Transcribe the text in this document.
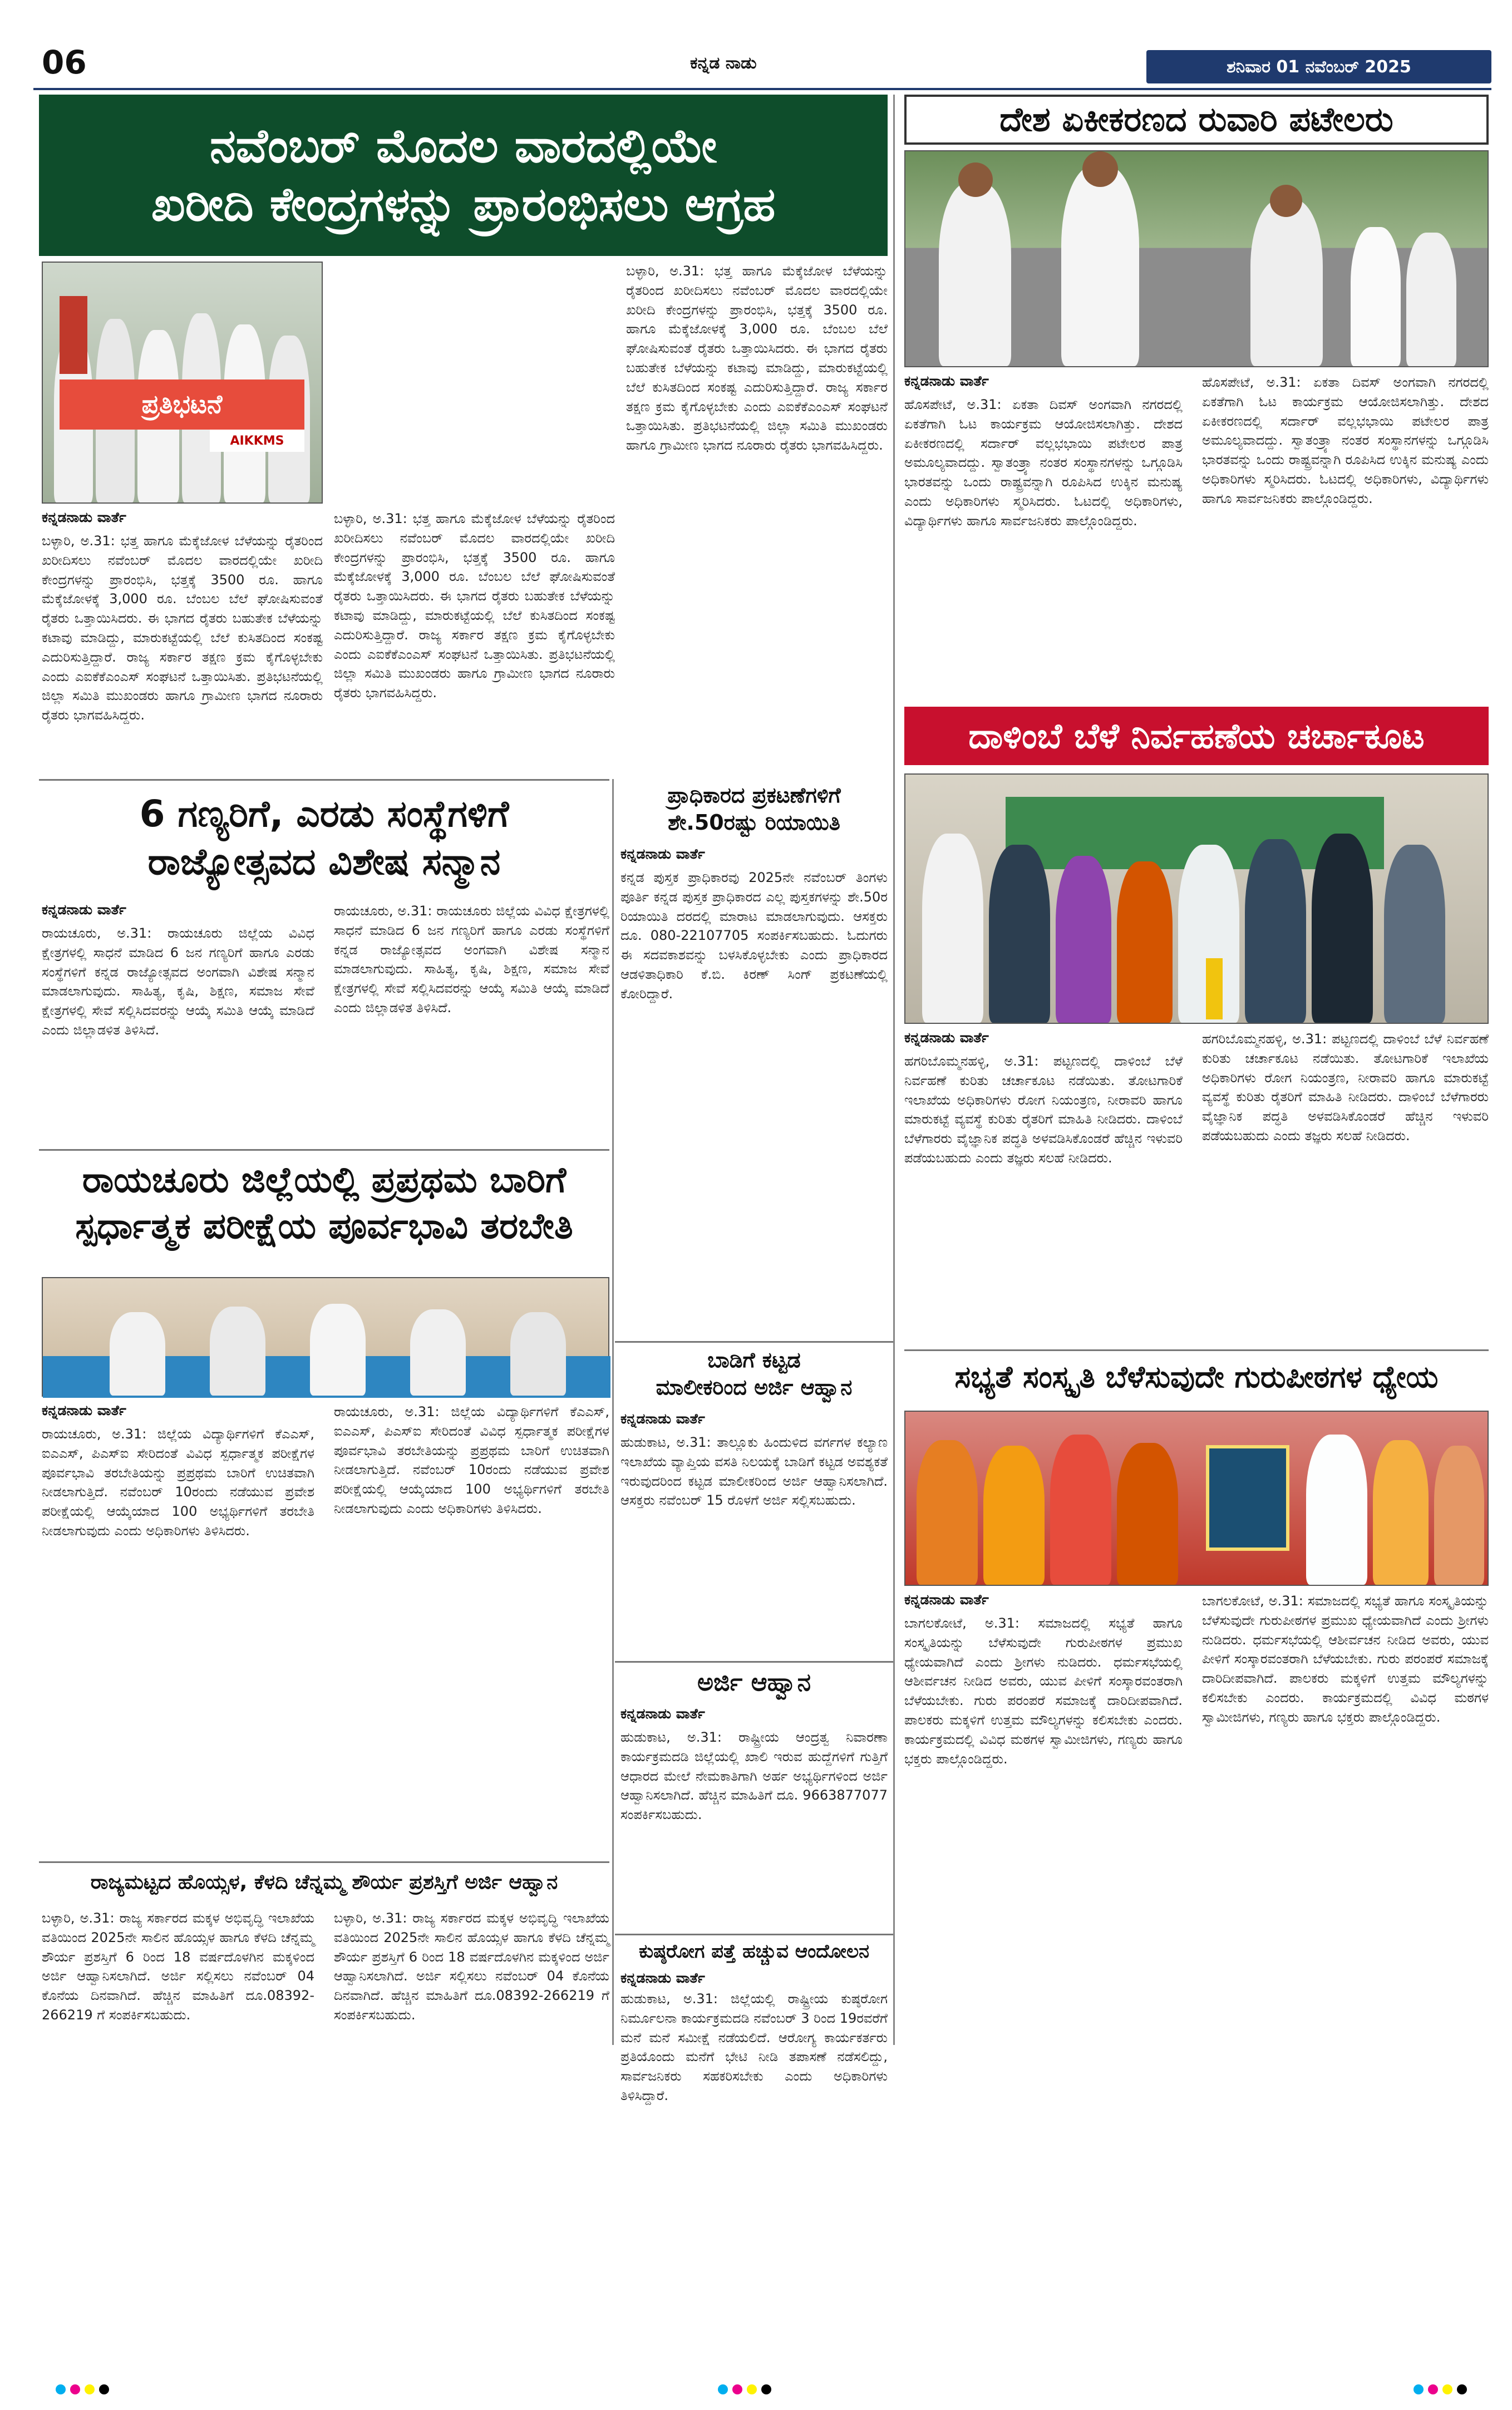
06	ಕನ್ನಡ ನಾಡು	ಶನಿವಾರ 01 ನವೆಂಬರ್ 2025
ನವೆಂಬರ್ ಮೊದಲ ವಾರದಲ್ಲಿಯೇ
ಖರೀದಿ ಕೇಂದ್ರಗಳನ್ನು ಪ್ರಾರಂಭಿಸಲು ಆಗ್ರಹ
ಪ್ರತಿಭಟನೆ
AIKKMS
ಕನ್ನಡನಾಡು ವಾರ್ತೆ
ಬಳ್ಳಾರಿ, ಅ.31: ಭತ್ತ ಹಾಗೂ ಮೆಕ್ಕೆಜೋಳ ಬೆಳೆಯನ್ನು ರೈತರಿಂದ ಖರೀದಿಸಲು ನವೆಂಬರ್ ಮೊದಲ ವಾರದಲ್ಲಿಯೇ ಖರೀದಿ ಕೇಂದ್ರಗಳನ್ನು ಪ್ರಾರಂಭಿಸಿ, ಭತ್ತಕ್ಕೆ 3500 ರೂ. ಹಾಗೂ ಮೆಕ್ಕೆಜೋಳಕ್ಕೆ 3,000 ರೂ. ಬೆಂಬಲ ಬೆಲೆ ಘೋಷಿಸುವಂತೆ ರೈತರು ಒತ್ತಾಯಿಸಿದರು. ಈ ಭಾಗದ ರೈತರು ಬಹುತೇಕ ಬೆಳೆಯನ್ನು ಕಟಾವು ಮಾಡಿದ್ದು, ಮಾರುಕಟ್ಟೆಯಲ್ಲಿ ಬೆಲೆ ಕುಸಿತದಿಂದ ಸಂಕಷ್ಟ ಎದುರಿಸುತ್ತಿದ್ದಾರೆ. ರಾಜ್ಯ ಸರ್ಕಾರ ತಕ್ಷಣ ಕ್ರಮ ಕೈಗೊಳ್ಳಬೇಕು ಎಂದು ಎಐಕೆಕೆಎಂಎಸ್ ಸಂಘಟನೆ ಒತ್ತಾಯಿಸಿತು. ಪ್ರತಿಭಟನೆಯಲ್ಲಿ ಜಿಲ್ಲಾ ಸಮಿತಿ ಮುಖಂಡರು ಹಾಗೂ ಗ್ರಾಮೀಣ ಭಾಗದ ನೂರಾರು ರೈತರು ಭಾಗವಹಿಸಿದ್ದರು.
ಬಳ್ಳಾರಿ, ಅ.31: ಭತ್ತ ಹಾಗೂ ಮೆಕ್ಕೆಜೋಳ ಬೆಳೆಯನ್ನು ರೈತರಿಂದ ಖರೀದಿಸಲು ನವೆಂಬರ್ ಮೊದಲ ವಾರದಲ್ಲಿಯೇ ಖರೀದಿ ಕೇಂದ್ರಗಳನ್ನು ಪ್ರಾರಂಭಿಸಿ, ಭತ್ತಕ್ಕೆ 3500 ರೂ. ಹಾಗೂ ಮೆಕ್ಕೆಜೋಳಕ್ಕೆ 3,000 ರೂ. ಬೆಂಬಲ ಬೆಲೆ ಘೋಷಿಸುವಂತೆ ರೈತರು ಒತ್ತಾಯಿಸಿದರು. ಈ ಭಾಗದ ರೈತರು ಬಹುತೇಕ ಬೆಳೆಯನ್ನು ಕಟಾವು ಮಾಡಿದ್ದು, ಮಾರುಕಟ್ಟೆಯಲ್ಲಿ ಬೆಲೆ ಕುಸಿತದಿಂದ ಸಂಕಷ್ಟ ಎದುರಿಸುತ್ತಿದ್ದಾರೆ. ರಾಜ್ಯ ಸರ್ಕಾರ ತಕ್ಷಣ ಕ್ರಮ ಕೈಗೊಳ್ಳಬೇಕು ಎಂದು ಎಐಕೆಕೆಎಂಎಸ್ ಸಂಘಟನೆ ಒತ್ತಾಯಿಸಿತು. ಪ್ರತಿಭಟನೆಯಲ್ಲಿ ಜಿಲ್ಲಾ ಸಮಿತಿ ಮುಖಂಡರು ಹಾಗೂ ಗ್ರಾಮೀಣ ಭಾಗದ ನೂರಾರು ರೈತರು ಭಾಗವಹಿಸಿದ್ದರು.
ಬಳ್ಳಾರಿ, ಅ.31: ಭತ್ತ ಹಾಗೂ ಮೆಕ್ಕೆಜೋಳ ಬೆಳೆಯನ್ನು ರೈತರಿಂದ ಖರೀದಿಸಲು ನವೆಂಬರ್ ಮೊದಲ ವಾರದಲ್ಲಿಯೇ ಖರೀದಿ ಕೇಂದ್ರಗಳನ್ನು ಪ್ರಾರಂಭಿಸಿ, ಭತ್ತಕ್ಕೆ 3500 ರೂ. ಹಾಗೂ ಮೆಕ್ಕೆಜೋಳಕ್ಕೆ 3,000 ರೂ. ಬೆಂಬಲ ಬೆಲೆ ಘೋಷಿಸುವಂತೆ ರೈತರು ಒತ್ತಾಯಿಸಿದರು. ಈ ಭಾಗದ ರೈತರು ಬಹುತೇಕ ಬೆಳೆಯನ್ನು ಕಟಾವು ಮಾಡಿದ್ದು, ಮಾರುಕಟ್ಟೆಯಲ್ಲಿ ಬೆಲೆ ಕುಸಿತದಿಂದ ಸಂಕಷ್ಟ ಎದುರಿಸುತ್ತಿದ್ದಾರೆ. ರಾಜ್ಯ ಸರ್ಕಾರ ತಕ್ಷಣ ಕ್ರಮ ಕೈಗೊಳ್ಳಬೇಕು ಎಂದು ಎಐಕೆಕೆಎಂಎಸ್ ಸಂಘಟನೆ ಒತ್ತಾಯಿಸಿತು. ಪ್ರತಿಭಟನೆಯಲ್ಲಿ ಜಿಲ್ಲಾ ಸಮಿತಿ ಮುಖಂಡರು ಹಾಗೂ ಗ್ರಾಮೀಣ ಭಾಗದ ನೂರಾರು ರೈತರು ಭಾಗವಹಿಸಿದ್ದರು.
ದೇಶ ಏಕೀಕರಣದ ರುವಾರಿ ಪಟೇಲರು
ಕನ್ನಡನಾಡು ವಾರ್ತೆ
ಹೊಸಪೇಟೆ, ಅ.31: ಏಕತಾ ದಿವಸ್ ಅಂಗವಾಗಿ ನಗರದಲ್ಲಿ ಏಕತೆಗಾಗಿ ಓಟ ಕಾರ್ಯಕ್ರಮ ಆಯೋಜಿಸಲಾಗಿತ್ತು. ದೇಶದ ಏಕೀಕರಣದಲ್ಲಿ ಸರ್ದಾರ್ ವಲ್ಲಭಭಾಯಿ ಪಟೇಲರ ಪಾತ್ರ ಅಮೂಲ್ಯವಾದದ್ದು. ಸ್ವಾತಂತ್ರ್ಯಾ ನಂತರ ಸಂಸ್ಥಾನಗಳನ್ನು ಒಗ್ಗೂಡಿಸಿ ಭಾರತವನ್ನು ಒಂದು ರಾಷ್ಟ್ರವನ್ನಾಗಿ ರೂಪಿಸಿದ ಉಕ್ಕಿನ ಮನುಷ್ಯ ಎಂದು ಅಧಿಕಾರಿಗಳು ಸ್ಮರಿಸಿದರು. ಓಟದಲ್ಲಿ ಅಧಿಕಾರಿಗಳು, ವಿದ್ಯಾರ್ಥಿಗಳು ಹಾಗೂ ಸಾರ್ವಜನಿಕರು ಪಾಲ್ಗೊಂಡಿದ್ದರು.
ಹೊಸಪೇಟೆ, ಅ.31: ಏಕತಾ ದಿವಸ್ ಅಂಗವಾಗಿ ನಗರದಲ್ಲಿ ಏಕತೆಗಾಗಿ ಓಟ ಕಾರ್ಯಕ್ರಮ ಆಯೋಜಿಸಲಾಗಿತ್ತು. ದೇಶದ ಏಕೀಕರಣದಲ್ಲಿ ಸರ್ದಾರ್ ವಲ್ಲಭಭಾಯಿ ಪಟೇಲರ ಪಾತ್ರ ಅಮೂಲ್ಯವಾದದ್ದು. ಸ್ವಾತಂತ್ರ್ಯಾ ನಂತರ ಸಂಸ್ಥಾನಗಳನ್ನು ಒಗ್ಗೂಡಿಸಿ ಭಾರತವನ್ನು ಒಂದು ರಾಷ್ಟ್ರವನ್ನಾಗಿ ರೂಪಿಸಿದ ಉಕ್ಕಿನ ಮನುಷ್ಯ ಎಂದು ಅಧಿಕಾರಿಗಳು ಸ್ಮರಿಸಿದರು. ಓಟದಲ್ಲಿ ಅಧಿಕಾರಿಗಳು, ವಿದ್ಯಾರ್ಥಿಗಳು ಹಾಗೂ ಸಾರ್ವಜನಿಕರು ಪಾಲ್ಗೊಂಡಿದ್ದರು.
ದಾಳಿಂಬೆ ಬೆಳೆ ನಿರ್ವಹಣೆಯ ಚರ್ಚಾಕೂಟ
ಕನ್ನಡನಾಡು ವಾರ್ತೆ
ಹಗರಿಬೊಮ್ಮನಹಳ್ಳಿ, ಅ.31: ಪಟ್ಟಣದಲ್ಲಿ ದಾಳಿಂಬೆ ಬೆಳೆ ನಿರ್ವಹಣೆ ಕುರಿತು ಚರ್ಚಾಕೂಟ ನಡೆಯಿತು. ತೋಟಗಾರಿಕೆ ಇಲಾಖೆಯ ಅಧಿಕಾರಿಗಳು ರೋಗ ನಿಯಂತ್ರಣ, ನೀರಾವರಿ ಹಾಗೂ ಮಾರುಕಟ್ಟೆ ವ್ಯವಸ್ಥೆ ಕುರಿತು ರೈತರಿಗೆ ಮಾಹಿತಿ ನೀಡಿದರು. ದಾಳಿಂಬೆ ಬೆಳೆಗಾರರು ವೈಜ್ಞಾನಿಕ ಪದ್ಧತಿ ಅಳವಡಿಸಿಕೊಂಡರೆ ಹೆಚ್ಚಿನ ಇಳುವರಿ ಪಡೆಯಬಹುದು ಎಂದು ತಜ್ಞರು ಸಲಹೆ ನೀಡಿದರು.
ಹಗರಿಬೊಮ್ಮನಹಳ್ಳಿ, ಅ.31: ಪಟ್ಟಣದಲ್ಲಿ ದಾಳಿಂಬೆ ಬೆಳೆ ನಿರ್ವಹಣೆ ಕುರಿತು ಚರ್ಚಾಕೂಟ ನಡೆಯಿತು. ತೋಟಗಾರಿಕೆ ಇಲಾಖೆಯ ಅಧಿಕಾರಿಗಳು ರೋಗ ನಿಯಂತ್ರಣ, ನೀರಾವರಿ ಹಾಗೂ ಮಾರುಕಟ್ಟೆ ವ್ಯವಸ್ಥೆ ಕುರಿತು ರೈತರಿಗೆ ಮಾಹಿತಿ ನೀಡಿದರು. ದಾಳಿಂಬೆ ಬೆಳೆಗಾರರು ವೈಜ್ಞಾನಿಕ ಪದ್ಧತಿ ಅಳವಡಿಸಿಕೊಂಡರೆ ಹೆಚ್ಚಿನ ಇಳುವರಿ ಪಡೆಯಬಹುದು ಎಂದು ತಜ್ಞರು ಸಲಹೆ ನೀಡಿದರು.
6 ಗಣ್ಯರಿಗೆ, ಎರಡು ಸಂಸ್ಥೆಗಳಿಗೆ
ರಾಜ್ಯೋತ್ಸವದ ವಿಶೇಷ ಸನ್ಮಾನ
ಕನ್ನಡನಾಡು ವಾರ್ತೆ
ರಾಯಚೂರು, ಅ.31: ರಾಯಚೂರು ಜಿಲ್ಲೆಯ ವಿವಿಧ ಕ್ಷೇತ್ರಗಳಲ್ಲಿ ಸಾಧನೆ ಮಾಡಿದ 6 ಜನ ಗಣ್ಯರಿಗೆ ಹಾಗೂ ಎರಡು ಸಂಸ್ಥೆಗಳಿಗೆ ಕನ್ನಡ ರಾಜ್ಯೋತ್ಸವದ ಅಂಗವಾಗಿ ವಿಶೇಷ ಸನ್ಮಾನ ಮಾಡಲಾಗುವುದು. ಸಾಹಿತ್ಯ, ಕೃಷಿ, ಶಿಕ್ಷಣ, ಸಮಾಜ ಸೇವೆ ಕ್ಷೇತ್ರಗಳಲ್ಲಿ ಸೇವೆ ಸಲ್ಲಿಸಿದವರನ್ನು ಆಯ್ಕೆ ಸಮಿತಿ ಆಯ್ಕೆ ಮಾಡಿದೆ ಎಂದು ಜಿಲ್ಲಾಡಳಿತ ತಿಳಿಸಿದೆ.
ರಾಯಚೂರು, ಅ.31: ರಾಯಚೂರು ಜಿಲ್ಲೆಯ ವಿವಿಧ ಕ್ಷೇತ್ರಗಳಲ್ಲಿ ಸಾಧನೆ ಮಾಡಿದ 6 ಜನ ಗಣ್ಯರಿಗೆ ಹಾಗೂ ಎರಡು ಸಂಸ್ಥೆಗಳಿಗೆ ಕನ್ನಡ ರಾಜ್ಯೋತ್ಸವದ ಅಂಗವಾಗಿ ವಿಶೇಷ ಸನ್ಮಾನ ಮಾಡಲಾಗುವುದು. ಸಾಹಿತ್ಯ, ಕೃಷಿ, ಶಿಕ್ಷಣ, ಸಮಾಜ ಸೇವೆ ಕ್ಷೇತ್ರಗಳಲ್ಲಿ ಸೇವೆ ಸಲ್ಲಿಸಿದವರನ್ನು ಆಯ್ಕೆ ಸಮಿತಿ ಆಯ್ಕೆ ಮಾಡಿದೆ ಎಂದು ಜಿಲ್ಲಾಡಳಿತ ತಿಳಿಸಿದೆ.
ರಾಯಚೂರು ಜಿಲ್ಲೆಯಲ್ಲಿ ಪ್ರಪ್ರಥಮ ಬಾರಿಗೆ
ಸ್ಪರ್ಧಾತ್ಮಕ ಪರೀಕ್ಷೆಯ ಪೂರ್ವಭಾವಿ ತರಬೇತಿ
ಕನ್ನಡನಾಡು ವಾರ್ತೆ
ರಾಯಚೂರು, ಅ.31: ಜಿಲ್ಲೆಯ ವಿದ್ಯಾರ್ಥಿಗಳಿಗೆ ಕೆಎಎಸ್, ಐಎಎಸ್, ಪಿಎಸ್ಐ ಸೇರಿದಂತೆ ವಿವಿಧ ಸ್ಪರ್ಧಾತ್ಮಕ ಪರೀಕ್ಷೆಗಳ ಪೂರ್ವಭಾವಿ ತರಬೇತಿಯನ್ನು ಪ್ರಪ್ರಥಮ ಬಾರಿಗೆ ಉಚಿತವಾಗಿ ನೀಡಲಾಗುತ್ತಿದೆ. ನವೆಂಬರ್ 10ರಂದು ನಡೆಯುವ ಪ್ರವೇಶ ಪರೀಕ್ಷೆಯಲ್ಲಿ ಆಯ್ಕೆಯಾದ 100 ಅಭ್ಯರ್ಥಿಗಳಿಗೆ ತರಬೇತಿ ನೀಡಲಾಗುವುದು ಎಂದು ಅಧಿಕಾರಿಗಳು ತಿಳಿಸಿದರು.
ರಾಯಚೂರು, ಅ.31: ಜಿಲ್ಲೆಯ ವಿದ್ಯಾರ್ಥಿಗಳಿಗೆ ಕೆಎಎಸ್, ಐಎಎಸ್, ಪಿಎಸ್ಐ ಸೇರಿದಂತೆ ವಿವಿಧ ಸ್ಪರ್ಧಾತ್ಮಕ ಪರೀಕ್ಷೆಗಳ ಪೂರ್ವಭಾವಿ ತರಬೇತಿಯನ್ನು ಪ್ರಪ್ರಥಮ ಬಾರಿಗೆ ಉಚಿತವಾಗಿ ನೀಡಲಾಗುತ್ತಿದೆ. ನವೆಂಬರ್ 10ರಂದು ನಡೆಯುವ ಪ್ರವೇಶ ಪರೀಕ್ಷೆಯಲ್ಲಿ ಆಯ್ಕೆಯಾದ 100 ಅಭ್ಯರ್ಥಿಗಳಿಗೆ ತರಬೇತಿ ನೀಡಲಾಗುವುದು ಎಂದು ಅಧಿಕಾರಿಗಳು ತಿಳಿಸಿದರು.
ರಾಜ್ಯಮಟ್ಟದ ಹೊಯ್ಸಳ, ಕೆಳದಿ ಚೆನ್ನಮ್ಮ ಶೌರ್ಯ ಪ್ರಶಸ್ತಿಗೆ ಅರ್ಜಿ ಆಹ್ವಾನ
ಬಳ್ಳಾರಿ, ಅ.31: ರಾಜ್ಯ ಸರ್ಕಾರದ ಮಕ್ಕಳ ಅಭಿವೃದ್ಧಿ ಇಲಾಖೆಯ ವತಿಯಿಂದ 2025ನೇ ಸಾಲಿನ ಹೊಯ್ಸಳ ಹಾಗೂ ಕೆಳದಿ ಚೆನ್ನಮ್ಮ ಶೌರ್ಯ ಪ್ರಶಸ್ತಿಗೆ 6 ರಿಂದ 18 ವರ್ಷದೊಳಗಿನ ಮಕ್ಕಳಿಂದ ಅರ್ಜಿ ಆಹ್ವಾನಿಸಲಾಗಿದೆ. ಅರ್ಜಿ ಸಲ್ಲಿಸಲು ನವೆಂಬರ್ 04 ಕೊನೆಯ ದಿನವಾಗಿದೆ. ಹೆಚ್ಚಿನ ಮಾಹಿತಿಗೆ ದೂ.08392-266219 ಗೆ ಸಂಪರ್ಕಿಸಬಹುದು.
ಬಳ್ಳಾರಿ, ಅ.31: ರಾಜ್ಯ ಸರ್ಕಾರದ ಮಕ್ಕಳ ಅಭಿವೃದ್ಧಿ ಇಲಾಖೆಯ ವತಿಯಿಂದ 2025ನೇ ಸಾಲಿನ ಹೊಯ್ಸಳ ಹಾಗೂ ಕೆಳದಿ ಚೆನ್ನಮ್ಮ ಶೌರ್ಯ ಪ್ರಶಸ್ತಿಗೆ 6 ರಿಂದ 18 ವರ್ಷದೊಳಗಿನ ಮಕ್ಕಳಿಂದ ಅರ್ಜಿ ಆಹ್ವಾನಿಸಲಾಗಿದೆ. ಅರ್ಜಿ ಸಲ್ಲಿಸಲು ನವೆಂಬರ್ 04 ಕೊನೆಯ ದಿನವಾಗಿದೆ. ಹೆಚ್ಚಿನ ಮಾಹಿತಿಗೆ ದೂ.08392-266219 ಗೆ ಸಂಪರ್ಕಿಸಬಹುದು.
ಪ್ರಾಧಿಕಾರದ ಪ್ರಕಟಣೆಗಳಿಗೆ
ಶೇ.50ರಷ್ಟು ರಿಯಾಯಿತಿ
ಕನ್ನಡನಾಡು ವಾರ್ತೆ
ಕನ್ನಡ ಪುಸ್ತಕ ಪ್ರಾಧಿಕಾರವು 2025ನೇ ನವೆಂಬರ್ ತಿಂಗಳು ಪೂರ್ತಿ ಕನ್ನಡ ಪುಸ್ತಕ ಪ್ರಾಧಿಕಾರದ ಎಲ್ಲ ಪುಸ್ತಕಗಳನ್ನು ಶೇ.50ರ ರಿಯಾಯಿತಿ ದರದಲ್ಲಿ ಮಾರಾಟ ಮಾಡಲಾಗುವುದು. ಆಸಕ್ತರು ದೂ. 080-22107705 ಸಂಪರ್ಕಿಸಬಹುದು. ಓದುಗರು ಈ ಸದವಕಾಶವನ್ನು ಬಳಸಿಕೊಳ್ಳಬೇಕು ಎಂದು ಪ್ರಾಧಿಕಾರದ ಆಡಳಿತಾಧಿಕಾರಿ ಕೆ.ಬಿ. ಕಿರಣ್ ಸಿಂಗ್ ಪ್ರಕಟಣೆಯಲ್ಲಿ ಕೋರಿದ್ದಾರೆ.
ಬಾಡಿಗೆ ಕಟ್ಟಡ
ಮಾಲೀಕರಿಂದ ಅರ್ಜಿ ಆಹ್ವಾನ
ಕನ್ನಡನಾಡು ವಾರ್ತೆ
ಹುಡುಕಾಟ, ಅ.31: ತಾಲ್ಲೂಕು ಹಿಂದುಳಿದ ವರ್ಗಗಳ ಕಲ್ಯಾಣ ಇಲಾಖೆಯ ವ್ಯಾಪ್ತಿಯ ವಸತಿ ನಿಲಯಕ್ಕೆ ಬಾಡಿಗೆ ಕಟ್ಟಡ ಅವಶ್ಯಕತೆ ಇರುವುದರಿಂದ ಕಟ್ಟಡ ಮಾಲೀಕರಿಂದ ಅರ್ಜಿ ಆಹ್ವಾನಿಸಲಾಗಿದೆ. ಆಸಕ್ತರು ನವೆಂಬರ್ 15 ರೊಳಗೆ ಅರ್ಜಿ ಸಲ್ಲಿಸಬಹುದು.
ಅರ್ಜಿ ಆಹ್ವಾನ
ಕನ್ನಡನಾಡು ವಾರ್ತೆ
ಹುಡುಕಾಟ, ಅ.31: ರಾಷ್ಟ್ರೀಯ ಆಂದ್ರತ್ವ ನಿವಾರಣಾ ಕಾರ್ಯಕ್ರಮದಡಿ ಜಿಲ್ಲೆಯಲ್ಲಿ ಖಾಲಿ ಇರುವ ಹುದ್ದೆಗಳಿಗೆ ಗುತ್ತಿಗೆ ಆಧಾರದ ಮೇಲೆ ನೇಮಕಾತಿಗಾಗಿ ಅರ್ಹ ಅಭ್ಯರ್ಥಿಗಳಿಂದ ಅರ್ಜಿ ಆಹ್ವಾನಿಸಲಾಗಿದೆ. ಹೆಚ್ಚಿನ ಮಾಹಿತಿಗೆ ದೂ. 9663877077 ಸಂಪರ್ಕಿಸಬಹುದು.
ಕುಷ್ಠರೋಗ ಪತ್ತೆ ಹಚ್ಚುವ ಆಂದೋಲನ
ಕನ್ನಡನಾಡು ವಾರ್ತೆ
ಹುಡುಕಾಟ, ಅ.31: ಜಿಲ್ಲೆಯಲ್ಲಿ ರಾಷ್ಟ್ರೀಯ ಕುಷ್ಠರೋಗ ನಿರ್ಮೂಲನಾ ಕಾರ್ಯಕ್ರಮದಡಿ ನವೆಂಬರ್ 3 ರಿಂದ 19ರವರೆಗೆ ಮನೆ ಮನೆ ಸಮೀಕ್ಷೆ ನಡೆಯಲಿದೆ. ಆರೋಗ್ಯ ಕಾರ್ಯಕರ್ತರು ಪ್ರತಿಯೊಂದು ಮನೆಗೆ ಭೇಟಿ ನೀಡಿ ತಪಾಸಣೆ ನಡೆಸಲಿದ್ದು, ಸಾರ್ವಜನಿಕರು ಸಹಕರಿಸಬೇಕು ಎಂದು ಅಧಿಕಾರಿಗಳು ತಿಳಿಸಿದ್ದಾರೆ.
ಸಭ್ಯತೆ ಸಂಸ್ಕೃತಿ ಬೆಳೆಸುವುದೇ ಗುರುಪೀಠಗಳ ಧ್ಯೇಯ
ಕನ್ನಡನಾಡು ವಾರ್ತೆ
ಬಾಗಲಕೋಟೆ, ಅ.31: ಸಮಾಜದಲ್ಲಿ ಸಭ್ಯತೆ ಹಾಗೂ ಸಂಸ್ಕೃತಿಯನ್ನು ಬೆಳೆಸುವುದೇ ಗುರುಪೀಠಗಳ ಪ್ರಮುಖ ಧ್ಯೇಯವಾಗಿದೆ ಎಂದು ಶ್ರೀಗಳು ನುಡಿದರು. ಧರ್ಮಸಭೆಯಲ್ಲಿ ಆಶೀರ್ವಚನ ನೀಡಿದ ಅವರು, ಯುವ ಪೀಳಿಗೆ ಸಂಸ್ಕಾರವಂತರಾಗಿ ಬೆಳೆಯಬೇಕು. ಗುರು ಪರಂಪರೆ ಸಮಾಜಕ್ಕೆ ದಾರಿದೀಪವಾಗಿದೆ. ಪಾಲಕರು ಮಕ್ಕಳಿಗೆ ಉತ್ತಮ ಮೌಲ್ಯಗಳನ್ನು ಕಲಿಸಬೇಕು ಎಂದರು. ಕಾರ್ಯಕ್ರಮದಲ್ಲಿ ವಿವಿಧ ಮಠಗಳ ಸ್ವಾಮೀಜಿಗಳು, ಗಣ್ಯರು ಹಾಗೂ ಭಕ್ತರು ಪಾಲ್ಗೊಂಡಿದ್ದರು.
ಬಾಗಲಕೋಟೆ, ಅ.31: ಸಮಾಜದಲ್ಲಿ ಸಭ್ಯತೆ ಹಾಗೂ ಸಂಸ್ಕೃತಿಯನ್ನು ಬೆಳೆಸುವುದೇ ಗುರುಪೀಠಗಳ ಪ್ರಮುಖ ಧ್ಯೇಯವಾಗಿದೆ ಎಂದು ಶ್ರೀಗಳು ನುಡಿದರು. ಧರ್ಮಸಭೆಯಲ್ಲಿ ಆಶೀರ್ವಚನ ನೀಡಿದ ಅವರು, ಯುವ ಪೀಳಿಗೆ ಸಂಸ್ಕಾರವಂತರಾಗಿ ಬೆಳೆಯಬೇಕು. ಗುರು ಪರಂಪರೆ ಸಮಾಜಕ್ಕೆ ದಾರಿದೀಪವಾಗಿದೆ. ಪಾಲಕರು ಮಕ್ಕಳಿಗೆ ಉತ್ತಮ ಮೌಲ್ಯಗಳನ್ನು ಕಲಿಸಬೇಕು ಎಂದರು. ಕಾರ್ಯಕ್ರಮದಲ್ಲಿ ವಿವಿಧ ಮಠಗಳ ಸ್ವಾಮೀಜಿಗಳು, ಗಣ್ಯರು ಹಾಗೂ ಭಕ್ತರು ಪಾಲ್ಗೊಂಡಿದ್ದರು.
